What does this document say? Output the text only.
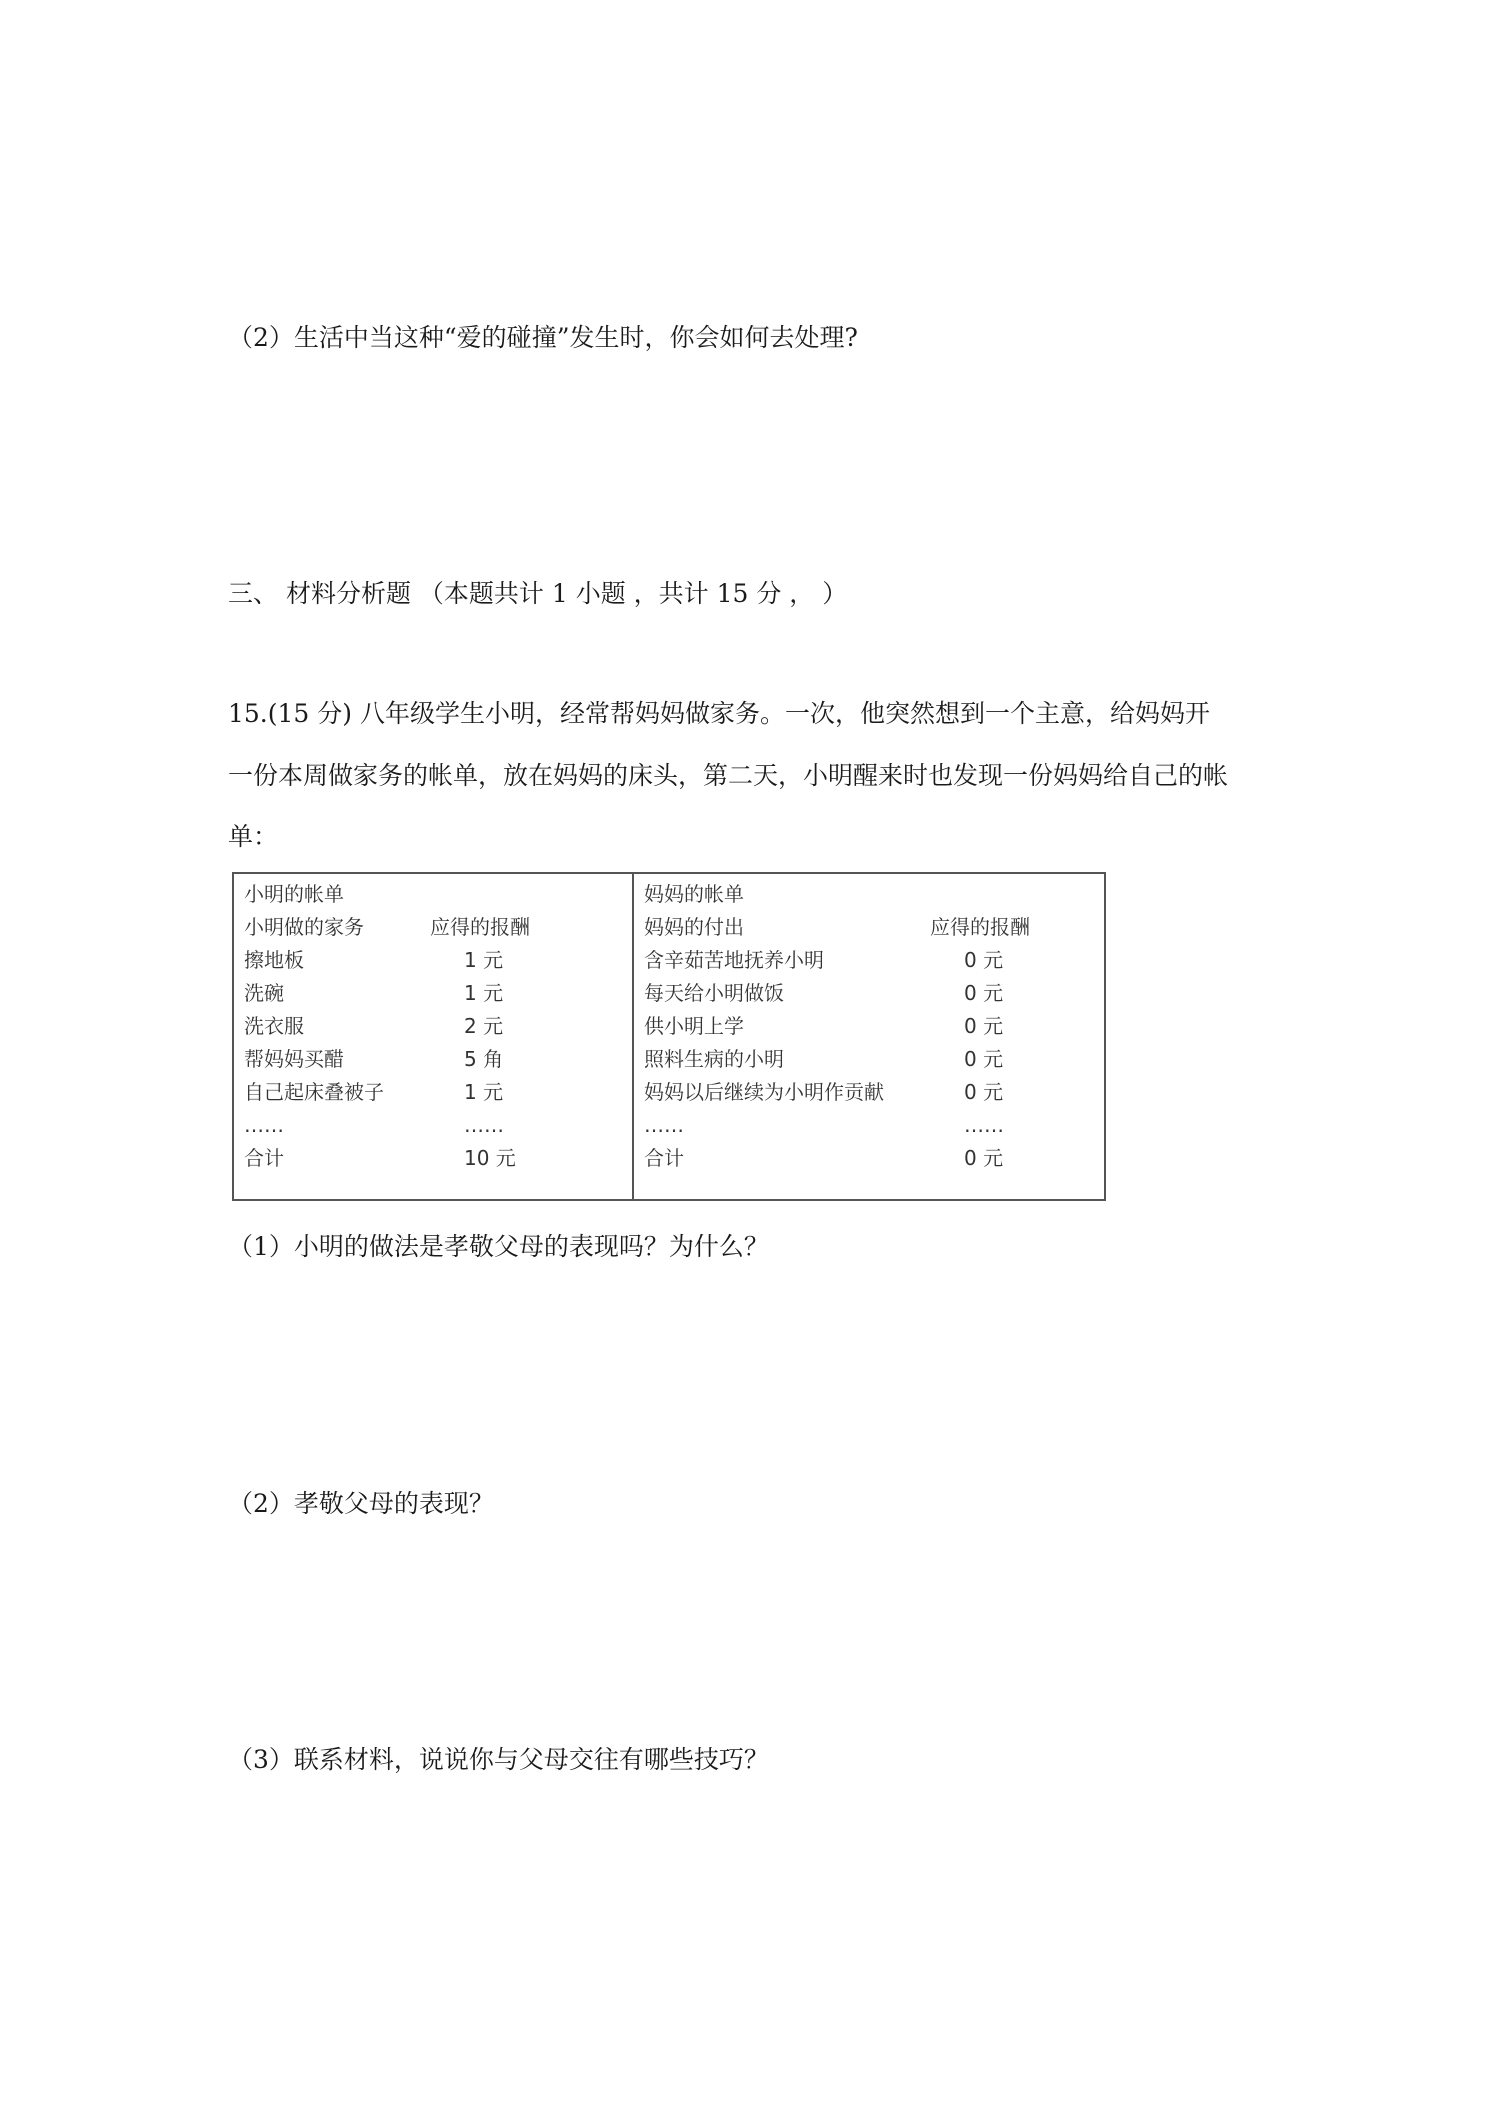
（2）生活中当这种“爱的碰撞”发生时，你会如何去处理?
三、 材料分析题 （本题共计 1 小题 ，共计 15 分 ， ）
15.(15 分) 八年级学生小明，经常帮妈妈做家务。一次，他突然想到一个主意，给妈妈开
一份本周做家务的帐单，放在妈妈的床头，第二天，小明醒来时也发现一份妈妈给自己的帐
单：
小明的帐单
小明做的家务	应得的报酬
擦地板	1 元
洗碗	1 元
洗衣服	2 元
帮妈妈买醋	5 角
自己起床叠被子	1 元
……	……
合计	10 元
妈妈的帐单
妈妈的付出	应得的报酬
含辛茹苦地抚养小明	0 元
每天给小明做饭	0 元
供小明上学	0 元
照料生病的小明	0 元
妈妈以后继续为小明作贡献	0 元
……	……
合计	0 元
（1）小明的做法是孝敬父母的表现吗？为什么？
（2）孝敬父母的表现？
（3）联系材料，说说你与父母交往有哪些技巧？
